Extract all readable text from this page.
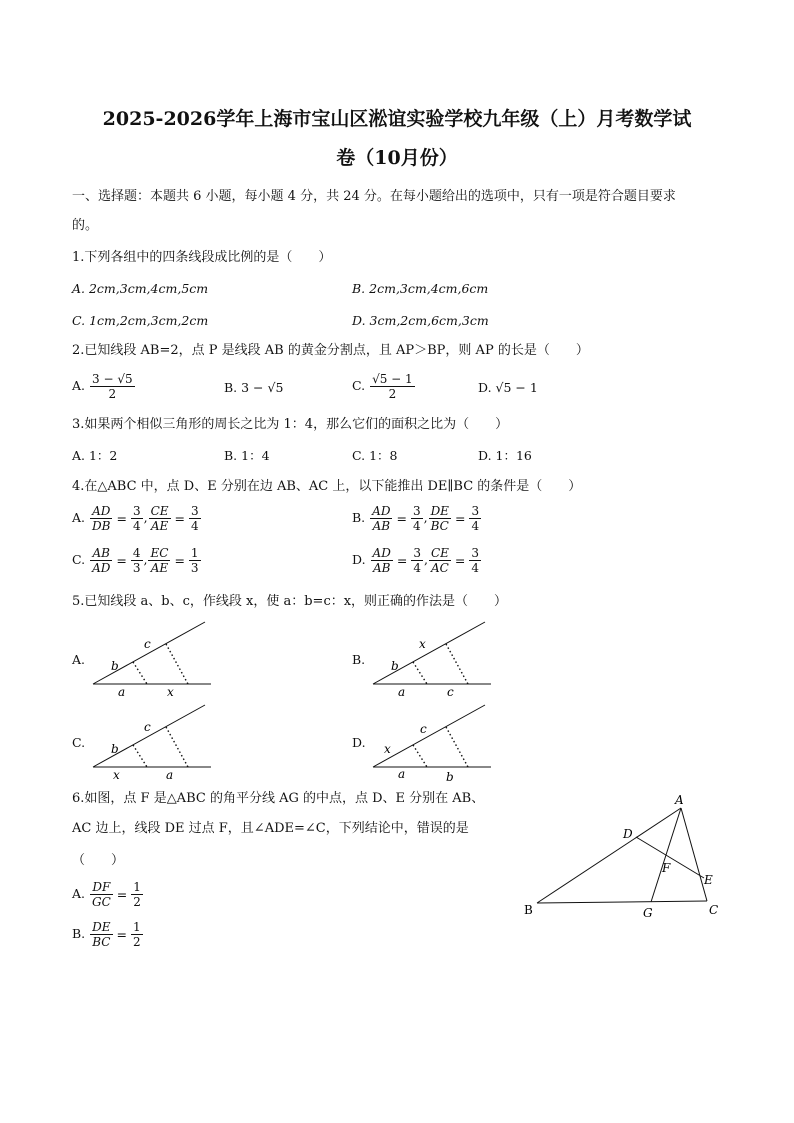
2025-2026学年上海市宝山区淞谊实验学校九年级（上）月考数学试
卷（10月份）
一、选择题：本题共 6 小题，每小题 4 分，共 24 分。在每小题给出的选项中，只有一项是符合题目要求
的。
1.下列各组中的四条线段成比例的是（　　）
A. 2cm,3cm,4cm,5cm	B. 2cm,3cm,4cm,6cm
C. 1cm,2cm,3cm,2cm	D. 3cm,2cm,6cm,3cm
2.已知线段 AB=2，点 P 是线段 AB 的黄金分割点，且 AP＞BP，则 AP 的长是（　　）
A. $\frac{3 - √5}{2}$	B. 3 − √5	C. $\frac{√5 - 1}{2}$	D. √5 − 1
3.如果两个相似三角形的周长之比为 1：4，那么它们的面积之比为（　　）
A. 1：2	B. 1：4	C. 1：8	D. 1：16
4.在△ABC 中，点 D、E 分别在边 AB、AC 上，以下能推出 DE∥BC 的条件是（　　）
A. $\frac{AD}{DB} = \frac{3}{4}$ , $\frac{CE}{AE} = \frac{3}{4}$	B. $\frac{AD}{AB} = \frac{3}{4}$ , $\frac{DE}{BC} = \frac{3}{4}$
C. $\frac{AB}{AD} = \frac{4}{3}$ , $\frac{EC}{AE} = \frac{1}{3}$	D. $\frac{AD}{AB} = \frac{3}{4}$ , $\frac{CE}{AC} = \frac{3}{4}$
5.已知线段 a、b、c，作线段 x，使 a：b=c：x，则正确的作法是（　　）
A. b
c
a	x
B. b
x
a	c
C. b
c
x	a
D. x
c
a	b
6.如图，点 F 是△ABC 的角平分线 AG 的中点，点 D、E 分别在 AB、
AC 边上，线段 DE 过点 F，且∠ADE=∠C，下列结论中，错误的是
（　　）
A. $\frac{DF}{GC} = \frac{1}{2}$
B. $\frac{DE}{BC} = \frac{1}{2}$
A
B	C
D
E
F
G
